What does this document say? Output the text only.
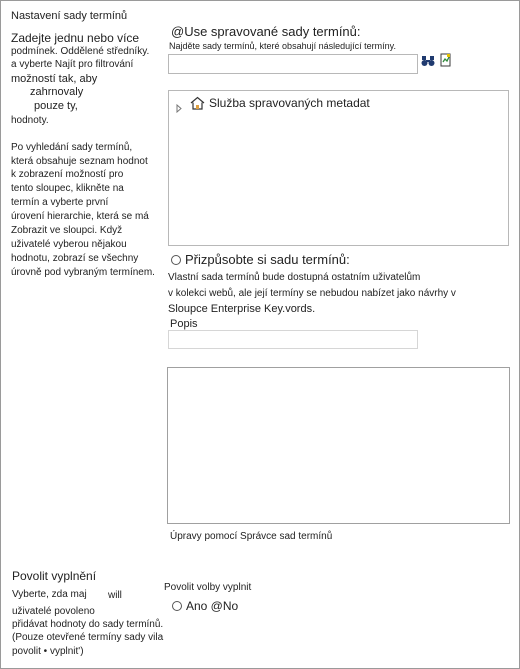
Nastavení sady termínů
Zadejte jednu nebo více
podmínek. Oddělené středníky.
a vyberte Najít pro filtrování
možností tak, aby
zahrnovaly
pouze ty,
hodnoty.
Po vyhledání sady termínů,
která obsahuje seznam hodnot
k zobrazení možností pro
tento sloupec, klikněte na
termín a vyberte první
úrovení hierarchie, která se má
Zobrazit ve sloupci. Když
uživatelé vyberou nějakou
hodnotu, zobrazí se všechny
úrovně pod vybraným termínem.
@Use spravované sady termínů:
Najděte sady termínů, které obsahují následující termíny.
Služba spravovaných metadat
Přizpůsobte si sadu termínů:
Vlastní sada termínů bude dostupná ostatním uživatelům
v kolekci webů, ale její termíny se nebudou nabízet jako návrhy v
Sloupce Enterprise Key.vords.
Popis
Úpravy pomocí Správce sad termínů
Povolit vyplnění
Vyberte, zda maj will
uživatelé povoleno
přidávat hodnoty do sady termínů.
(Pouze otevřené termíny sady vila
povolit • vyplnit')
Povolit volby vyplnit
Ano @No
